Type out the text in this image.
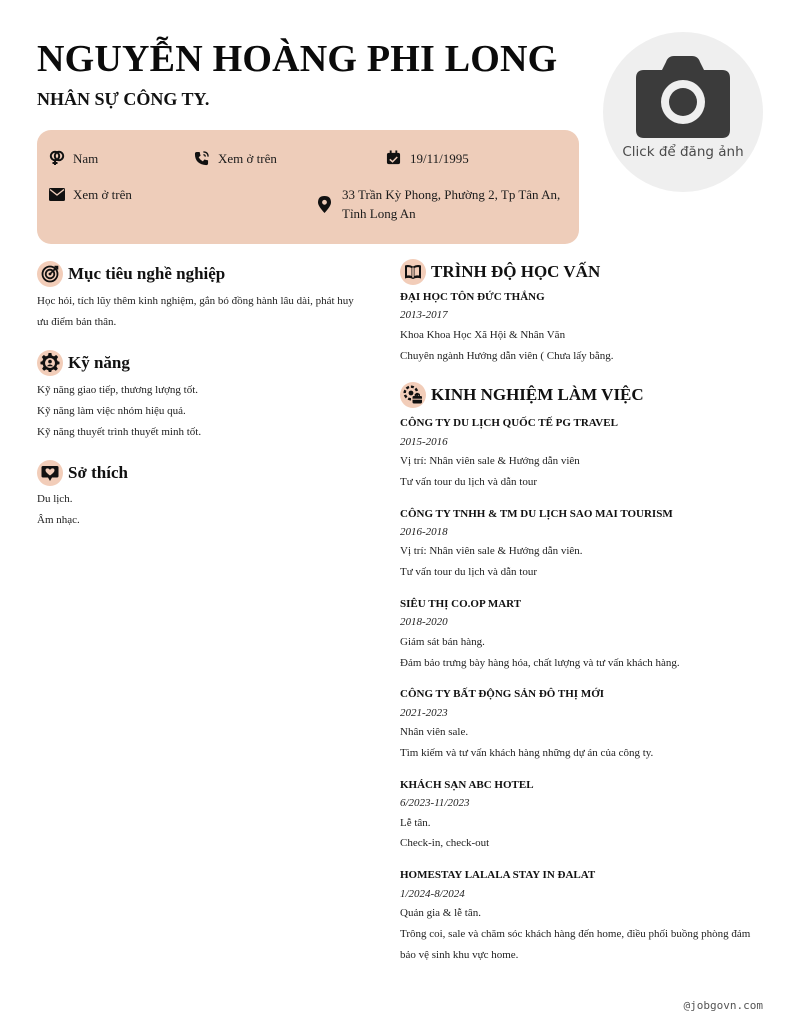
NGUYỄN HOÀNG PHI LONG

NHÂN SỰ CÔNG TY.

Click để đăng ảnh
Nam	Xem ở trên	19/11/1995
Xem ở trên	33 Trần Kỳ Phong, Phường 2, Tp Tân An,
Tỉnh Long An
Mục tiêu nghề nghiệp

Học hỏi, tích lũy thêm kinh nghiệm, gắn bó đồng hành lâu dài, phát huy
ưu điểm bản thân.

Kỹ năng

Kỹ năng giao tiếp, thương lượng tốt.
Kỹ năng làm việc nhóm hiệu quả.
Kỹ năng thuyết trình thuyết minh tốt.

Sở thích

Du lịch.
Âm nhạc.

TRÌNH ĐỘ HỌC VẤN

ĐẠI HỌC TÔN ĐỨC THẮNG

2013-2017

Khoa Khoa Học Xã Hội & Nhân Văn

Chuyên ngành Hướng dẫn viên ( Chưa lấy bằng.

KINH NGHIỆM LÀM VIỆC

CÔNG TY DU LỊCH QUỐC TẾ PG TRAVEL

2015-2016

Vị trí: Nhân viên sale & Hướng dẫn viên

Tư vấn tour du lịch và dẫn tour

CÔNG TY TNHH & TM DU LỊCH SAO MAI TOURISM

2016-2018

Vị trí: Nhân viên sale & Hướng dẫn viên.

Tư vấn tour du lịch và dẫn tour

SIÊU THỊ CO.OP MART

2018-2020

Giám sát bán hàng.

Đảm bảo trưng bày hàng hóa, chất lượng và tư vấn khách hàng.

CÔNG TY BẤT ĐỘNG SẢN ĐÔ THỊ MỚI

2021-2023

Nhân viên sale.

Tìm kiếm và tư vấn khách hàng những dự án của công ty.

KHÁCH SẠN ABC HOTEL

6/2023-11/2023

Lễ tân.

Check-in, check-out

HOMESTAY LALALA STAY IN ĐALAT

1/2024-8/2024

Quản gia & lễ tân.

Trông coi, sale và chăm sóc khách hàng đến home, điều phối buồng phòng đảm

bảo vệ sinh khu vực home.

@jobgovn.com
